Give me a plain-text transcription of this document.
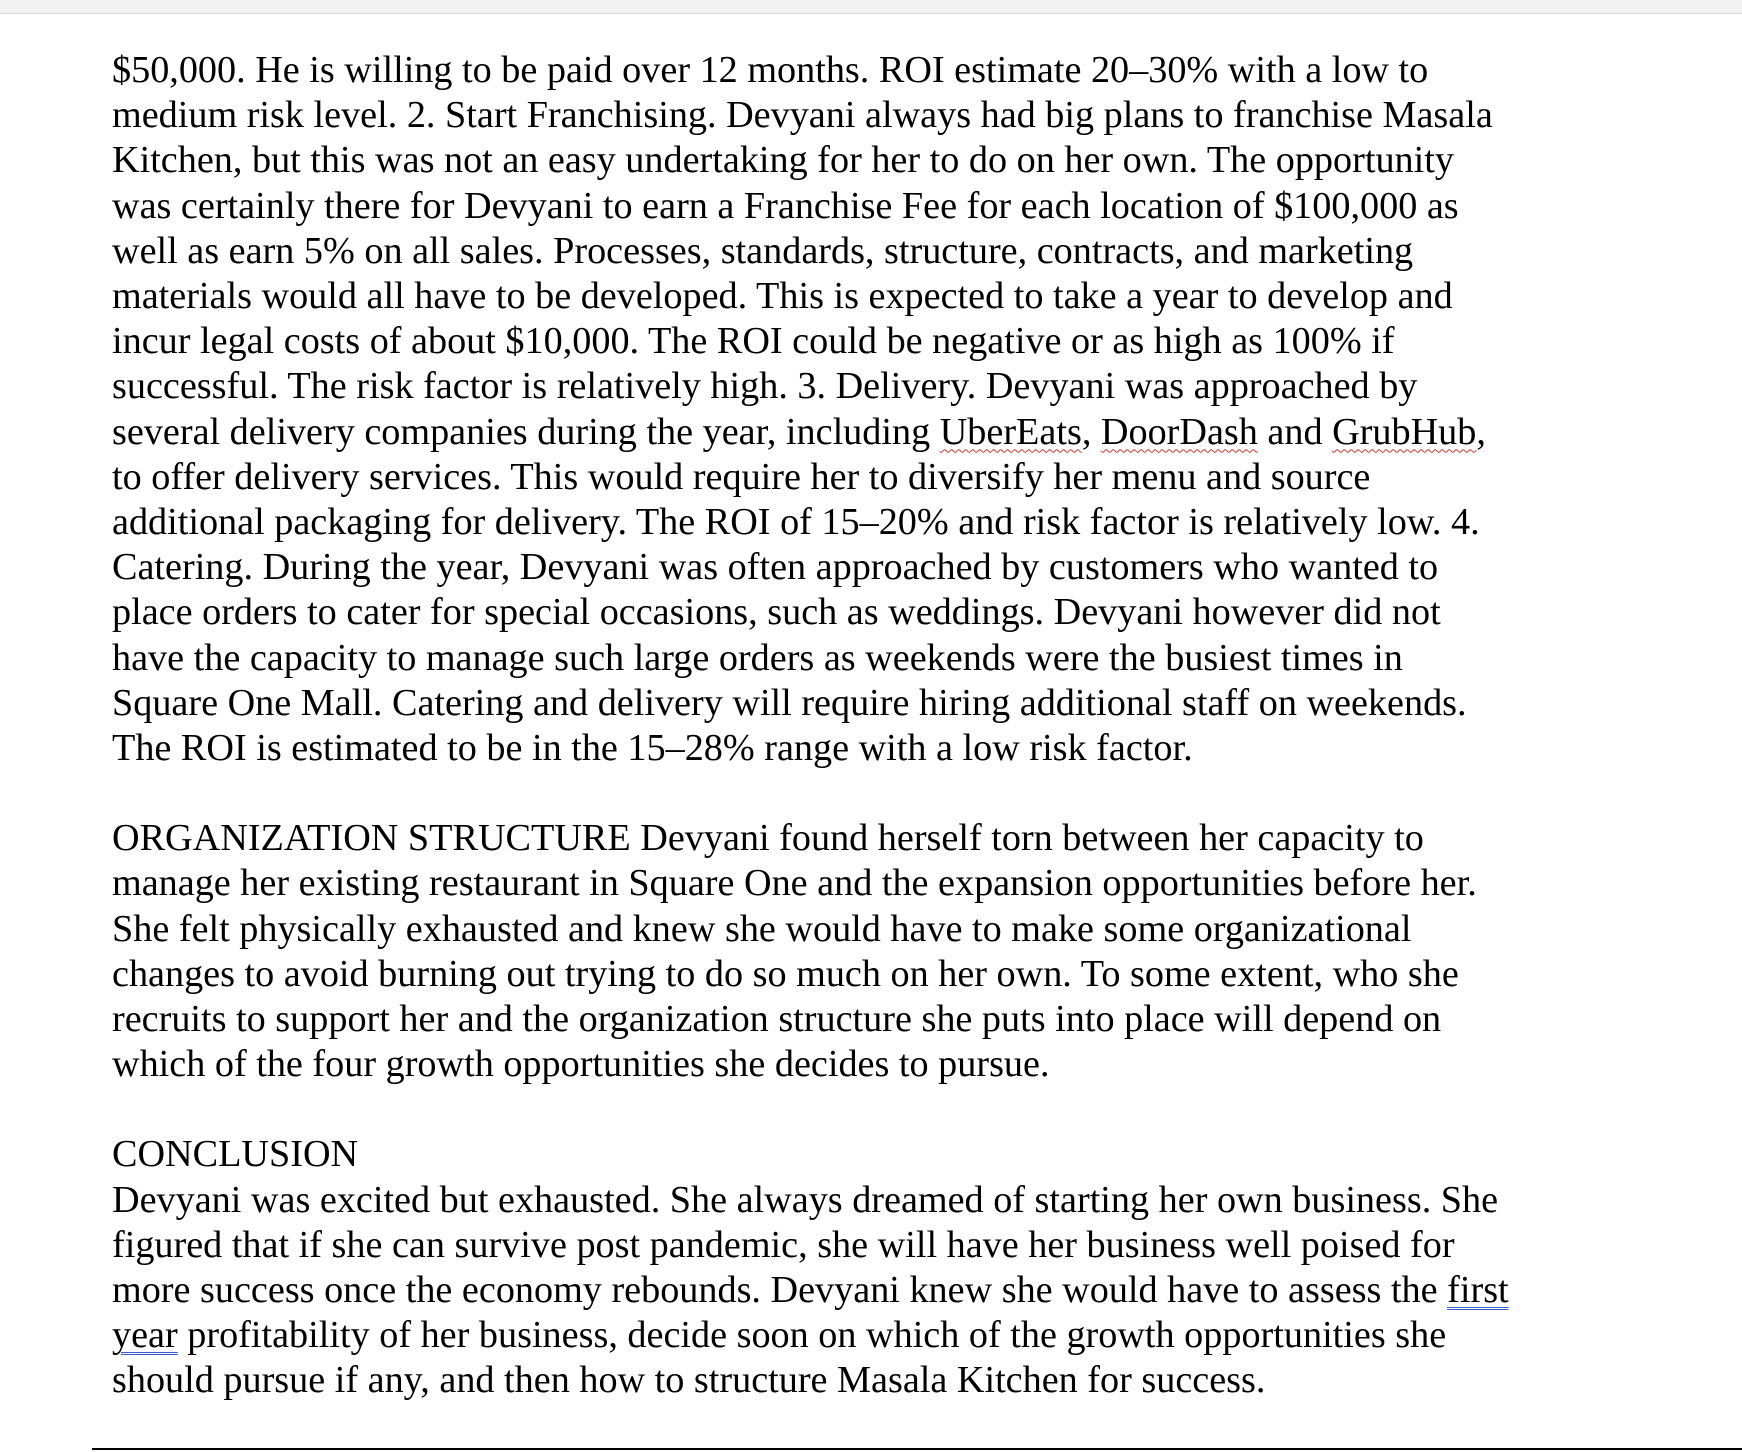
$50,000. He is willing to be paid over 12 months. ROI estimate 20–30% with a low to
medium risk level. 2. Start Franchising. Devyani always had big plans to franchise Masala
Kitchen, but this was not an easy undertaking for her to do on her own. The opportunity
was certainly there for Devyani to earn a Franchise Fee for each location of $100,000 as
well as earn 5% on all sales. Processes, standards, structure, contracts, and marketing
materials would all have to be developed. This is expected to take a year to develop and
incur legal costs of about $10,000. The ROI could be negative or as high as 100% if
successful. The risk factor is relatively high. 3. Delivery. Devyani was approached by
several delivery companies during the year, including UberEats, DoorDash and GrubHub,
to offer delivery services. This would require her to diversify her menu and source
additional packaging for delivery. The ROI of 15–20% and risk factor is relatively low. 4.
Catering. During the year, Devyani was often approached by customers who wanted to
place orders to cater for special occasions, such as weddings. Devyani however did not
have the capacity to manage such large orders as weekends were the busiest times in
Square One Mall. Catering and delivery will require hiring additional staff on weekends.
The ROI is estimated to be in the 15–28% range with a low risk factor.

ORGANIZATION STRUCTURE Devyani found herself torn between her capacity to
manage her existing restaurant in Square One and the expansion opportunities before her.
She felt physically exhausted and knew she would have to make some organizational
changes to avoid burning out trying to do so much on her own. To some extent, who she
recruits to support her and the organization structure she puts into place will depend on
which of the four growth opportunities she decides to pursue.

CONCLUSION

Devyani was excited but exhausted. She always dreamed of starting her own business. She
figured that if she can survive post pandemic, she will have her business well poised for
more success once the economy rebounds. Devyani knew she would have to assess the first
year profitability of her business, decide soon on which of the growth opportunities she
should pursue if any, and then how to structure Masala Kitchen for success.
